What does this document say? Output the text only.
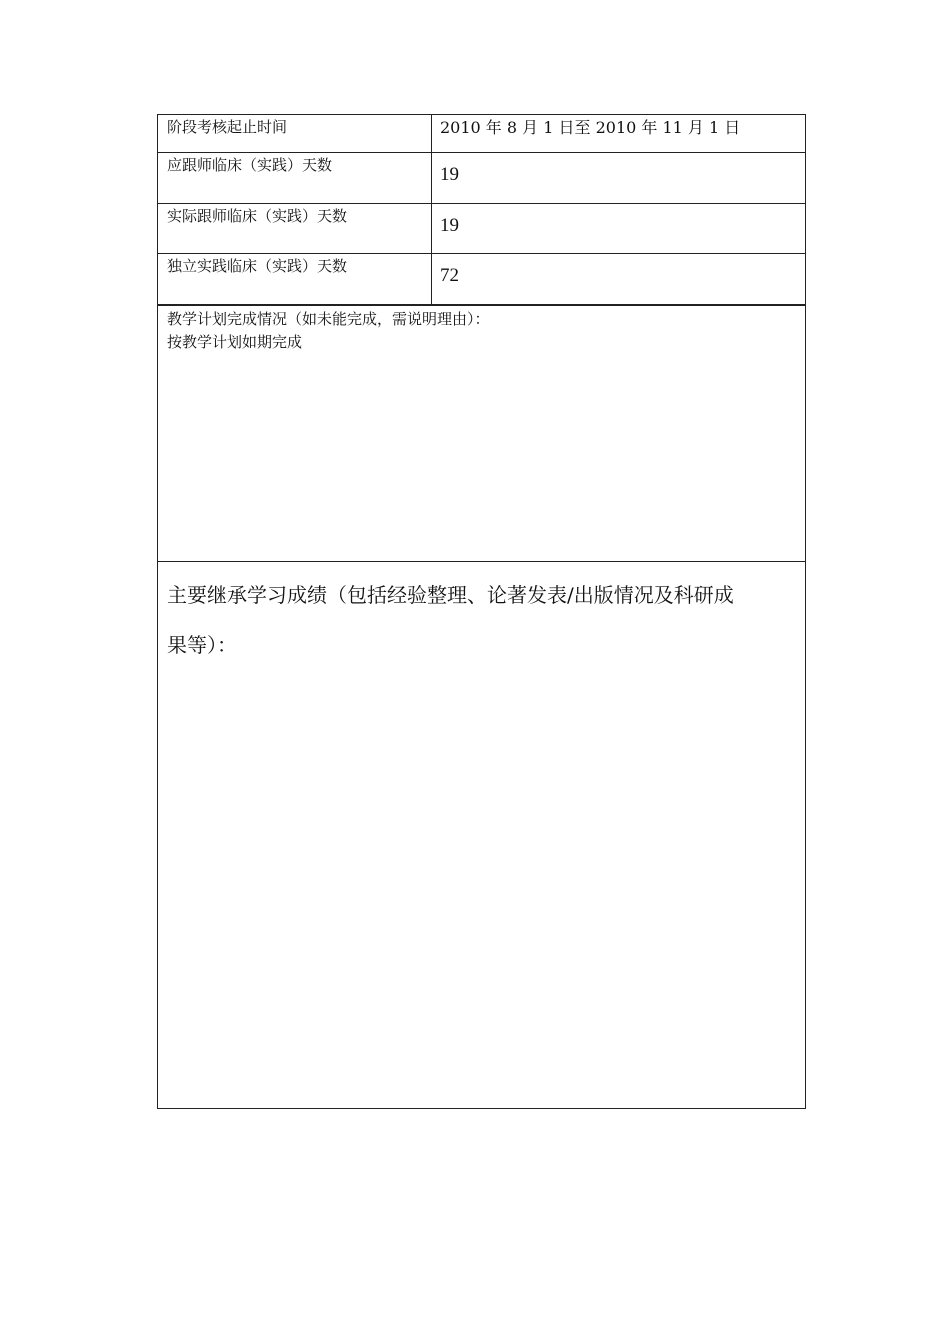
阶段考核起止时间	2010 年 8 月 1 日至 2010 年 11 月 1 日
应跟师临床（实践）天数	19
实际跟师临床（实践）天数	19
独立实践临床（实践）天数	72
教学计划完成情况（如未能完成，需说明理由）：
按教学计划如期完成
主要继承学习成绩（包括经验整理、论著发表/出版情况及科研成
果等）：
